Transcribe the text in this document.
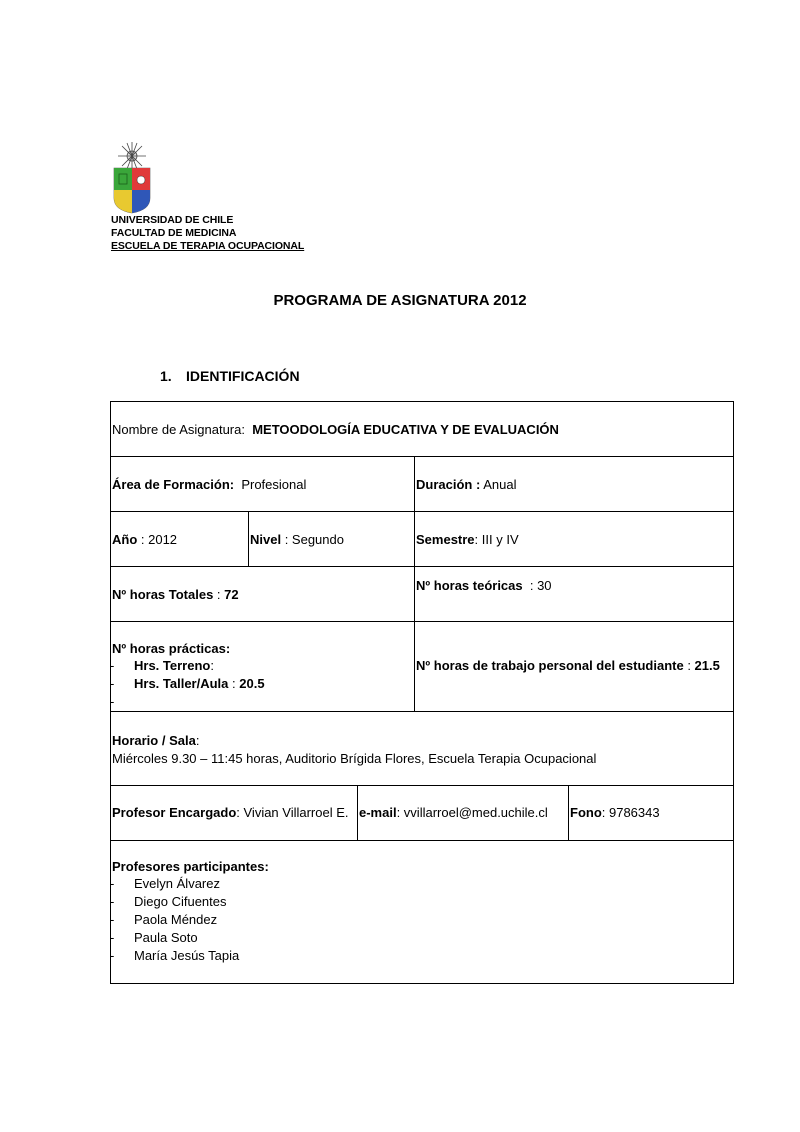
UNIVERSIDAD DE CHILE
FACULTAD DE MEDICINA
ESCUELA DE TERAPIA OCUPACIONAL
PROGRAMA DE ASIGNATURA 2012
1. IDENTIFICACIÓN
Nombre de Asignatura: METOODOLOGÍA EDUCATIVA Y DE EVALUACIÓN
Área de Formación: Profesional	Duración : Anual
Año : 2012	Nivel : Segundo	Semestre: III y IV
Nº horas Totales : 72
Nº horas teóricas  : 30
Nº horas prácticas:
- Hrs. Terreno:
- Hrs. Taller/Aula : 20.5
Nº horas de trabajo personal del estudiante : 21.5
Horario / Sala:
Miércoles 9.30 – 11:45 horas, Auditorio Brígida Flores, Escuela Terapia Ocupacional
Profesor Encargado: Vivian Villarroel E. e-mail: vvillarroel@med.uchile.cl Fono: 9786343
Profesores participantes:
- Evelyn Álvarez
- Diego Cifuentes
- Paola Méndez
- Paula Soto
- María Jesús Tapia
